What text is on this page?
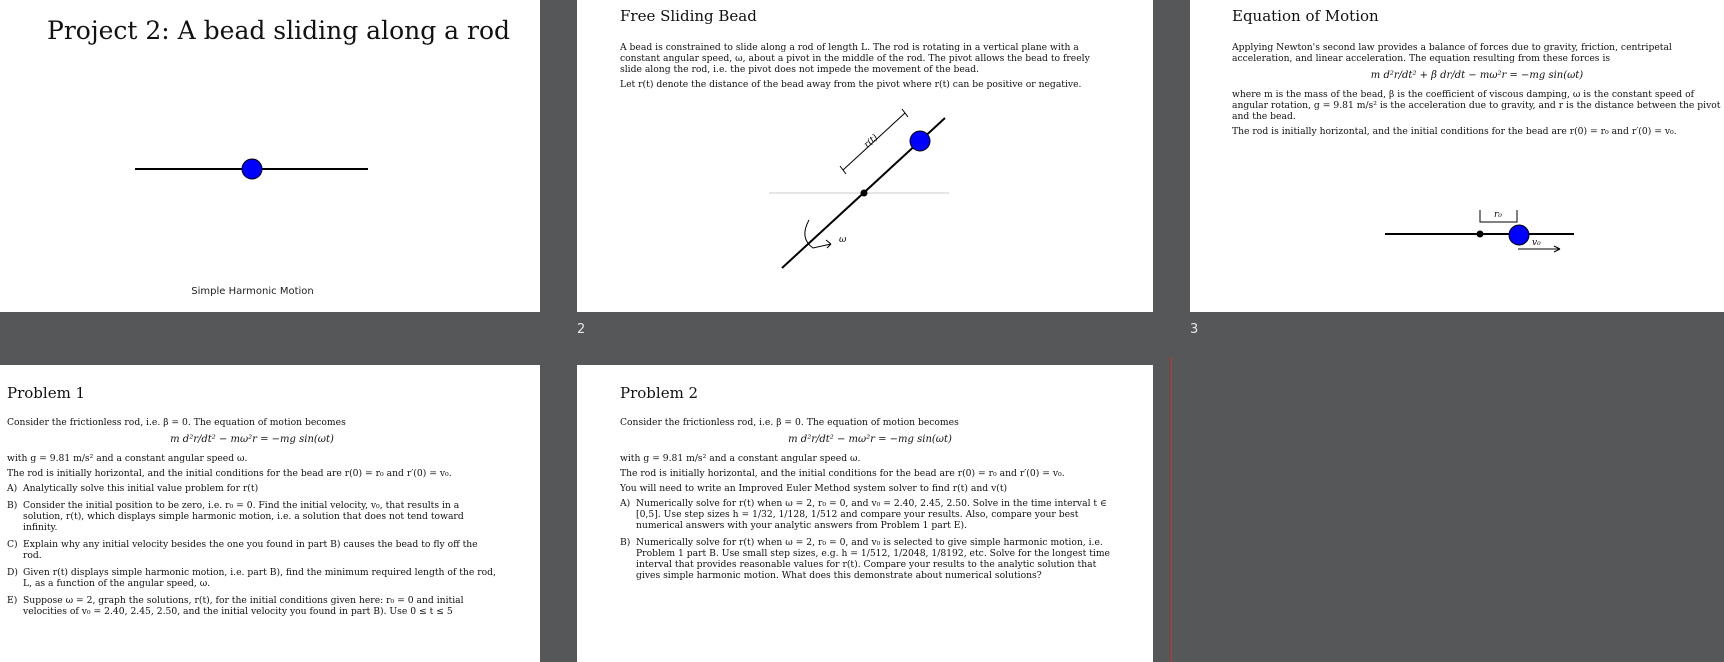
Project 2: A bead sliding along a rod
Simple Harmonic Motion
Free Sliding Bead

A bead is constrained to slide along a rod of length L. The rod is rotating in a vertical plane with a constant angular speed, ω, about a pivot in the middle of the rod. The pivot allows the bead to freely slide along the rod, i.e. the pivot does not impede the movement of the bead.

Let r(t) denote the distance of the bead away from the pivot where r(t) can be positive or negative.

r(t)
ω
Equation of Motion

Applying Newton's second law provides a balance of forces due to gravity, friction, centripetal acceleration, and linear acceleration. The equation resulting from these forces is

m d²r/dt² + β dr/dt − mω²r = −mg sin(ωt)

where m is the mass of the bead, β is the coefficient of viscous damping, ω is the constant speed of angular rotation, g = 9.81 m/s² is the acceleration due to gravity, and r is the distance between the pivot and the bead.

The rod is initially horizontal, and the initial conditions for the bead are r(0) = r₀ and r′(0) = v₀.

r₀
v₀
2	3
Problem 1

Consider the frictionless rod, i.e. β = 0. The equation of motion becomes

m d²r/dt² − mω²r = −mg sin(ωt)

with g = 9.81 m/s² and a constant angular speed ω.

The rod is initially horizontal, and the initial conditions for the bead are r(0) = r₀ and r′(0) = v₀.

A) Analytically solve this initial value problem for r(t)
B) Consider the initial position to be zero, i.e. r₀ = 0. Find the initial velocity, v₀, that results in a solution, r(t), which displays simple harmonic motion, i.e. a solution that does not tend toward infinity.
C) Explain why any initial velocity besides the one you found in part B) causes the bead to fly off the rod.
D) Given r(t) displays simple harmonic motion, i.e. part B), find the minimum required length of the rod, L, as a function of the angular speed, ω.
E) Suppose ω = 2, graph the solutions, r(t), for the initial conditions given here: r₀ = 0 and initial velocities of v₀ = 2.40, 2.45, 2.50, and the initial velocity you found in part B). Use 0 ≤ t ≤ 5
Problem 2

Consider the frictionless rod, i.e. β = 0. The equation of motion becomes

m d²r/dt² − mω²r = −mg sin(ωt)

with g = 9.81 m/s² and a constant angular speed ω.

The rod is initially horizontal, and the initial conditions for the bead are r(0) = r₀ and r′(0) = v₀.

You will need to write an Improved Euler Method system solver to find r(t) and v(t)

A) Numerically solve for r(t) when ω = 2, r₀ = 0, and v₀ = 2.40, 2.45, 2.50. Solve in the time interval t ∈ [0,5]. Use step sizes h = 1/32, 1/128, 1/512 and compare your results. Also, compare your best numerical answers with your analytic answers from Problem 1 part E).
B) Numerically solve for r(t) when ω = 2, r₀ = 0, and v₀ is selected to give simple harmonic motion, i.e. Problem 1 part B. Use small step sizes, e.g. h = 1/512, 1/2048, 1/8192, etc. Solve for the longest time interval that provides reasonable values for r(t). Compare your results to the analytic solution that gives simple harmonic motion. What does this demonstrate about numerical solutions?
